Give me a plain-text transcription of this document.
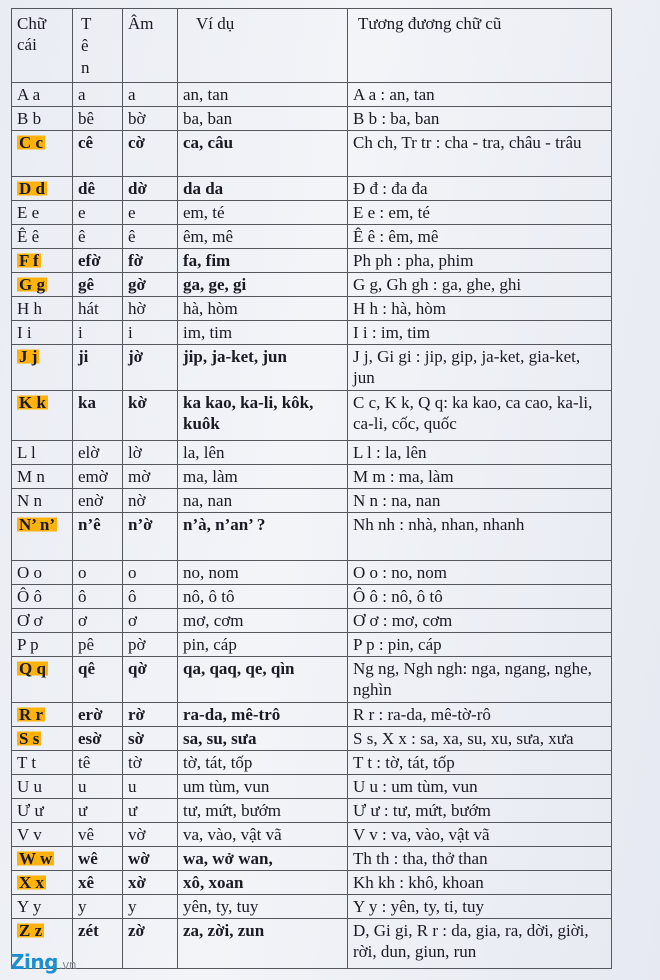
Chữ cái	Tên	Âm	Ví dụ	Tương đương chữ cũ
A a	a	a	an, tan	A a : an, tan
B b	bê	bờ	ba, ban	B b : ba, ban
C c	cê	cờ	ca, câu	Ch ch, Tr tr : cha - tra, châu - trâu
D d	dê	dờ	da da	Đ đ : đa đa
E e	e	e	em, té	E e : em, té
Ê ê	ê	ê	êm, mê	Ê ê : êm, mê
F f	efờ	fờ	fa, fim	Ph ph : pha, phim
G g	gê	gờ	ga, ge, gi	G g, Gh gh : ga, ghe, ghi
H h	hát	hờ	hà, hòm	H h : hà, hòm
I i	i	i	im, tim	I i : im, tim
J j	ji	jờ	jip, ja-ket, jun	J j, Gi gi : jip, gip, ja-ket, gia-ket, jun
K k	ka	kờ	ka kao, ka-li, kôk, kuôk	C c, K k, Q q: ka kao, ca cao, ka-li, ca-li, cốc, quốc
L l	elờ	lờ	la, lên	L l : la, lên
M n	emờ	mờ	ma, làm	M m : ma, làm
N n	enờ	nờ	na, nan	N n : na, nan
N’ n’	n’ê	n’ờ	n’à, n’an’ ?	Nh nh : nhà, nhan, nhanh
O o	o	o	no, nom	O o : no, nom
Ô ô	ô	ô	nô, ô tô	Ô ô : nô, ô tô
Ơ ơ	ơ	ơ	mơ, cơm	Ơ ơ : mơ, cơm
P p	pê	pờ	pin, cáp	P p : pin, cáp
Q q	qê	qờ	qa, qaq, qe, qìn	Ng ng, Ngh ngh: nga, ngang, nghe, nghìn
R r	erờ	rờ	ra-da, mê-trô	R r : ra-da, mê-tờ-rô
S s	esờ	sờ	sa, su, sưa	S s, X x : sa, xa, su, xu, sưa, xưa
T t	tê	tờ	tờ, tát, tốp	T t : tờ, tát, tốp
U u	u	u	um tùm, vun	U u : um tùm, vun
Ư ư	ư	ư	tư, mứt, bướm	Ư ư : tư, mứt, bướm
V v	vê	vờ	va, vào, vật vã	V v : va, vào, vật vã
W w	wê	wờ	wa, wở wan,	Th th : tha, thở than
X x	xê	xờ	xô, xoan	Kh kh : khô, khoan
Y y	y	y	yên, ty, tuy	Y y : yên, ty, ti, tuy
Z z	zét	zờ	za, zời, zun	D, Gi gi, R r : da, gia, ra, dời, giời, rời, dun, giun, run
Zing.vn
